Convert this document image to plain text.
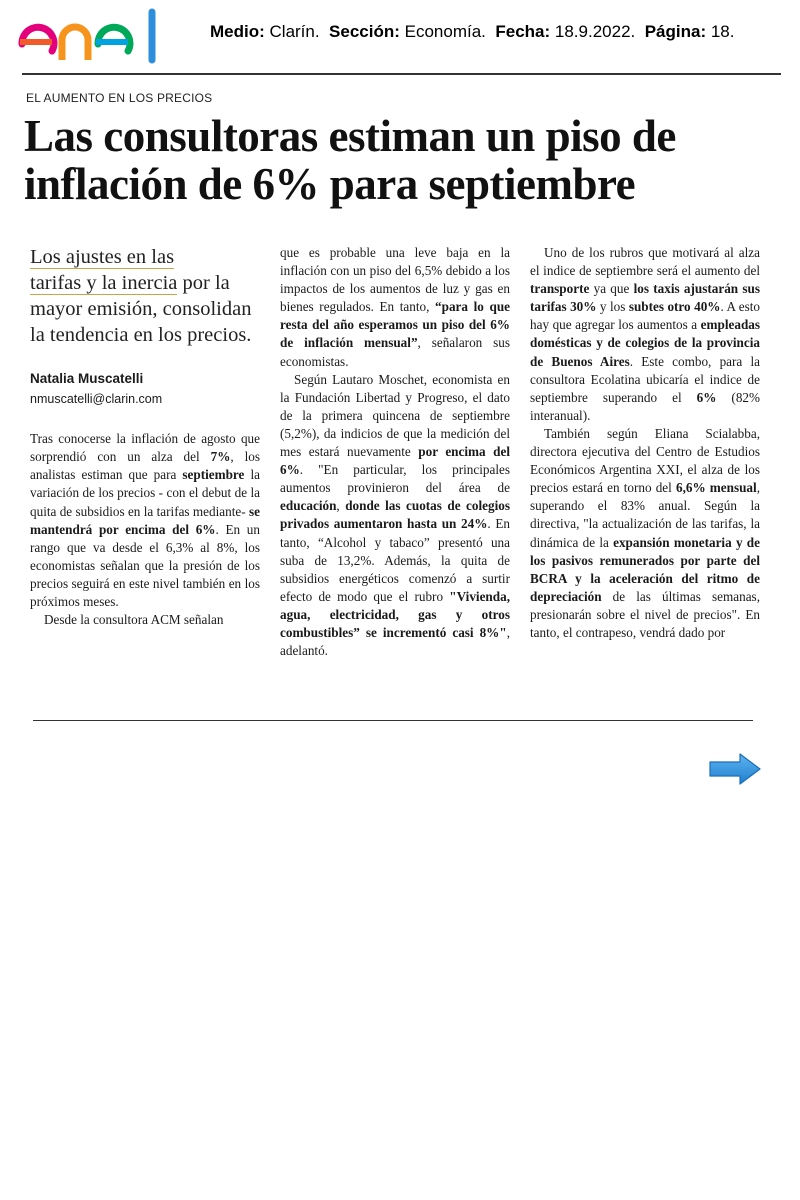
enel
Medio: Clarín. Sección: Economía. Fecha: 18.9.2022. Página: 18.
EL AUMENTO EN LOS PRECIOS
Las consultoras estiman un piso de inflación de 6% para septiembre

Los ajustes en las
tarifas y la inercia por la mayor emisión, consolidan la tendencia en los precios.

Natalia Muscatelli
nmuscatelli@clarin.com

Tras conocerse la inflación de agosto que sorprendió con un alza del 7%, los analistas estiman que para septiembre la variación de los precios - con el debut de la quita de subsidios en la tarifas mediante- se mantendrá por encima del 6%. En un rango que va desde el 6,3% al 8%, los economistas señalan que la presión de los precios seguirá en este nivel también en los próximos meses.

Desde la consultora ACM señalan

que es probable una leve baja en la inflación con un piso del 6,5% debido a los impactos de los aumentos de luz y gas en bienes regulados. En tanto, “para lo que resta del año esperamos un piso del 6% de inflación mensual”, señalaron sus economistas.

Según Lautaro Moschet, economista en la Fundación Libertad y Progreso, el dato de la primera quincena de septiembre (5,2%), da indicios de que la medición del mes estará nuevamente por encima del 6%. "En particular, los principales aumentos provinieron del área de educación, donde las cuotas de colegios privados aumentaron hasta un 24%. En tanto, “Alcohol y tabaco” presentó una suba de 13,2%. Además, la quita de subsidios energéticos comenzó a surtir efecto de modo que el rubro "Vivienda, agua, electricidad, gas y otros combustibles” se incrementó casi 8%", adelantó.

Uno de los rubros que motivará al alza el indice de septiembre será el aumento del transporte ya que los taxis ajustarán sus tarifas 30% y los subtes otro 40%. A esto hay que agregar los aumentos a empleadas domésticas y de colegios de la provincia de Buenos Aires. Este combo, para la consultora Ecolatina ubicaría el indice de septiembre superando el 6% (82% interanual).

También según Eliana Scialabba, directora ejecutiva del Centro de Estudios Económicos Argentina XXI, el alza de los precios estará en torno del 6,6% mensual, superando el 83% anual. Según la directiva, "la actualización de las tarifas, la dinámica de la expansión monetaria y de los pasivos remunerados por parte del BCRA y la aceleración del ritmo de depreciación de las últimas semanas, presionarán sobre el nivel de precios". En tanto, el contrapeso, vendrá dado por
